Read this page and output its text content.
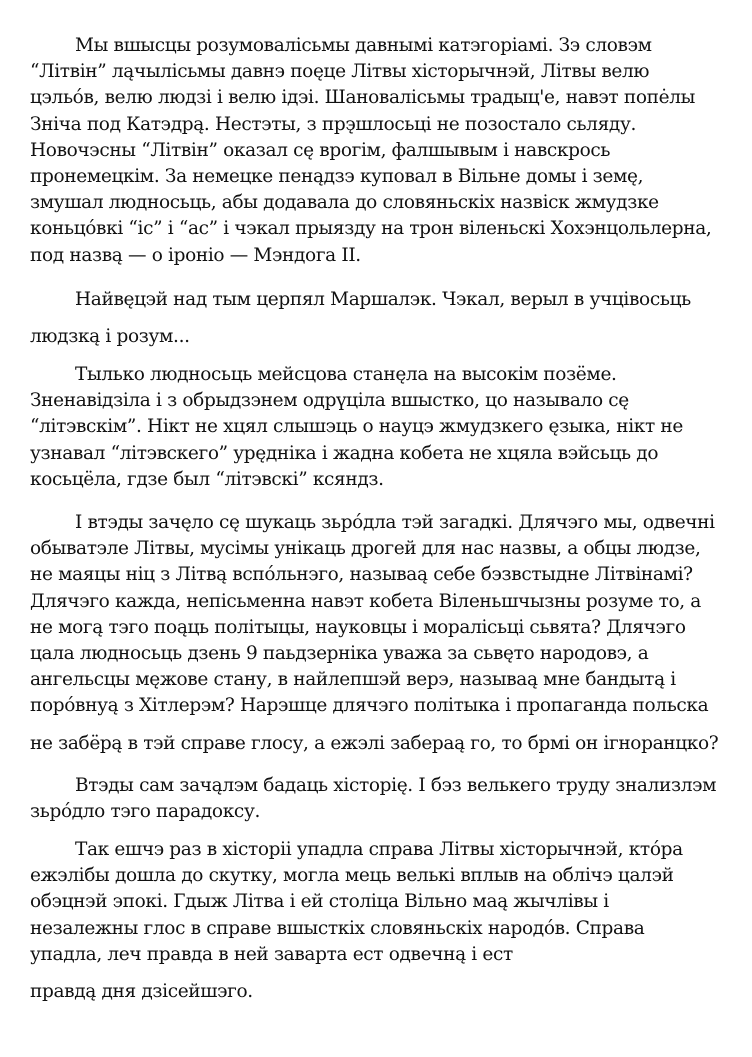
Мы вшысцы розумовалісьмы давнымі катэгоріамі. Зэ словэм
“Літвін” лąчылісьмы давнэ поęце Літвы хісторычнэй, Літвы велю
цэльóв, велю людзі і велю ідэі. Шановалісьмы традыц'е, навэт попėлы
Зніча под Катэдрą. Нестэты, з прэ̨шлосьці не позостало сьляду.
Новочэсны “Літвін” оказал сę врогім, фалшывым і навскрось
пронемецкім. За немецке пенąдзэ куповал в Вільне домы і земę,
змушал людносьць, абы додавала до словяньскіх назвіск жмудзке
коньцóвкі “іс” і “ас” і чэкал прыязду на трон віленьскі Хохэнцольлерна,
под назвą — о іроніо — Мэндога ІІ.

Найвęцэй над тым церпял Маршалэк. Чэкал, верыл в учцівосьць
людзкą і розум...

Тылько людносьць мейсцова станęла на высокім позёме.
Зненавідзіла і з обрыдзэнем одрүціла вшыстко, цо называло сę
“літэвскім”. Нікт не хцял слышэць о науцэ жмудзкего ęзыка, нікт не
узнавал “літэвскего” урęдніка і жадна кобета не хцяла вэйсьць до
косьцёла, гдзе был “літэвскі” ксяндз.

І втэды зачęло сę шукаць зьрóдла тэй загадкі. Длячэго мы, одвечні
обыватэле Літвы, мусімы унікаць дрогей для нас назвы, а обцы людзе,
не маяцы ніц з Літвą вспóльнэго, называą себе бэзвстыдне Літвінамі?
Длячэго кажда, непісьменна навэт кобета Віленьшчызны розуме то, а
не могą тэго поąць політыцы, науковцы і моралісьці сьвята? Длячэго
цала людносьць дзень 9 паьдзерніка уважа за сьвęто народовэ, а
ангельсцы мęжове стану, в найлепшэй верэ, называą мне бандытą і
порóвнуą з Хітлерэм? Нарэшце длячэго політыка і пропаганда польска
не забёрą в тэй справе глосу, а ежэлі забераą го, то брмі он ігноранцко?

Втэды сам зачąлэм бадаць хісторіę. І бэз велькего труду знализлэм
зьрóдло тэго парадоксу.

Так ешчэ раз в хісторіі упадла справа Літвы хісторычнэй, ктóра
ежэлібы дошла до скутку, могла мець велькі вплыв на облічэ цалэй
обэцнэй эпокі. Гдыж Літва і ей століца Вільно маą жычлівы і
незалежны глос в справе вшысткіх словяньскіх народóв. Справа
упадла, леч правда в ней заварта ест одвечнą і ест
правдą дня дзісейшэго.
